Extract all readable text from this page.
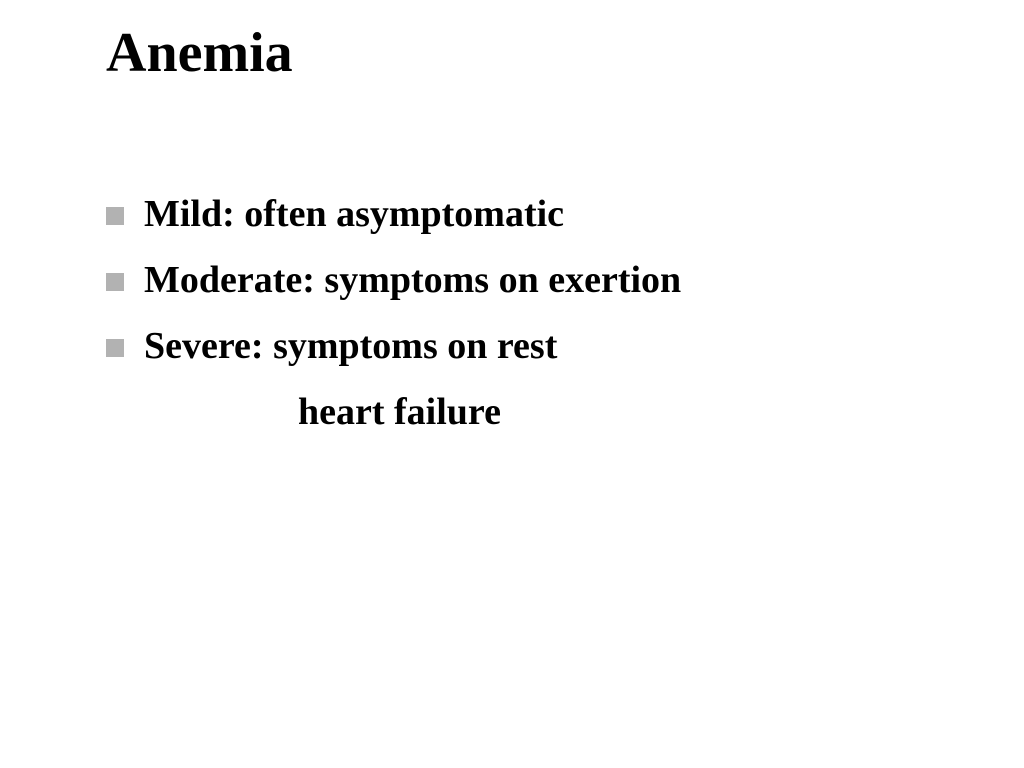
Anemia
Mild: often asymptomatic
Moderate: symptoms on exertion
Severe: symptoms on rest
heart failure
